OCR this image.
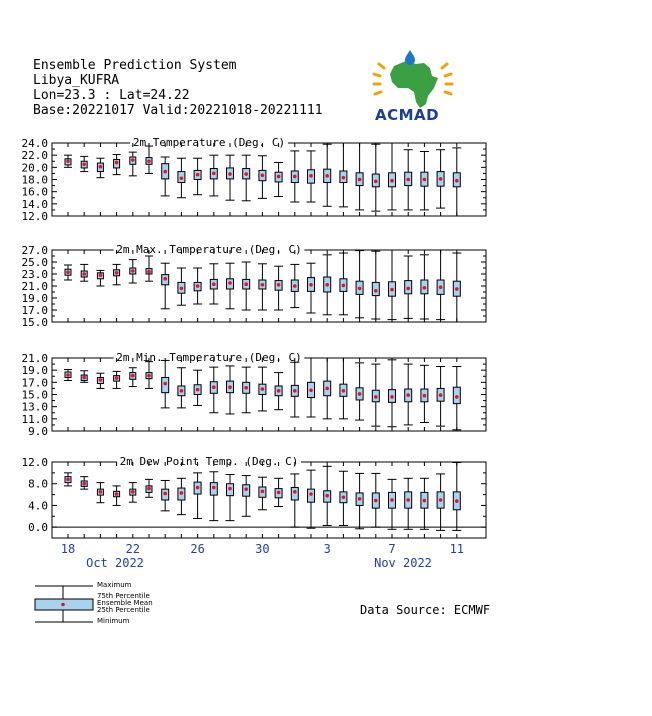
Ensemble Prediction System
Libya_KUFRA
Lon=23.3 : Lat=24.22
Base:20221017 Valid:20221018-20221111	ACMAD
2m Temperature (Deg. C)
24.0
22.0
20.0
18.0
16.0
14.0
12.0
2m Max. Temperature (Deg. C)
27.0
25.0
23.0
21.0
19.0
17.0
15.0
2m Min. Temperature (Deg. C)
21.0
19.0
17.0
15.0
13.0
11.0
9.0
2m Dew Point Temp. (Deg. C)
12.0
8.0
4.0
0.0
18	22	26	30	3	7	11
Oct 2022	Nov 2022
Maximum
75th Percentile
Ensemble Mean
25th Percentile
Minimum
Data Source: ECMWF
